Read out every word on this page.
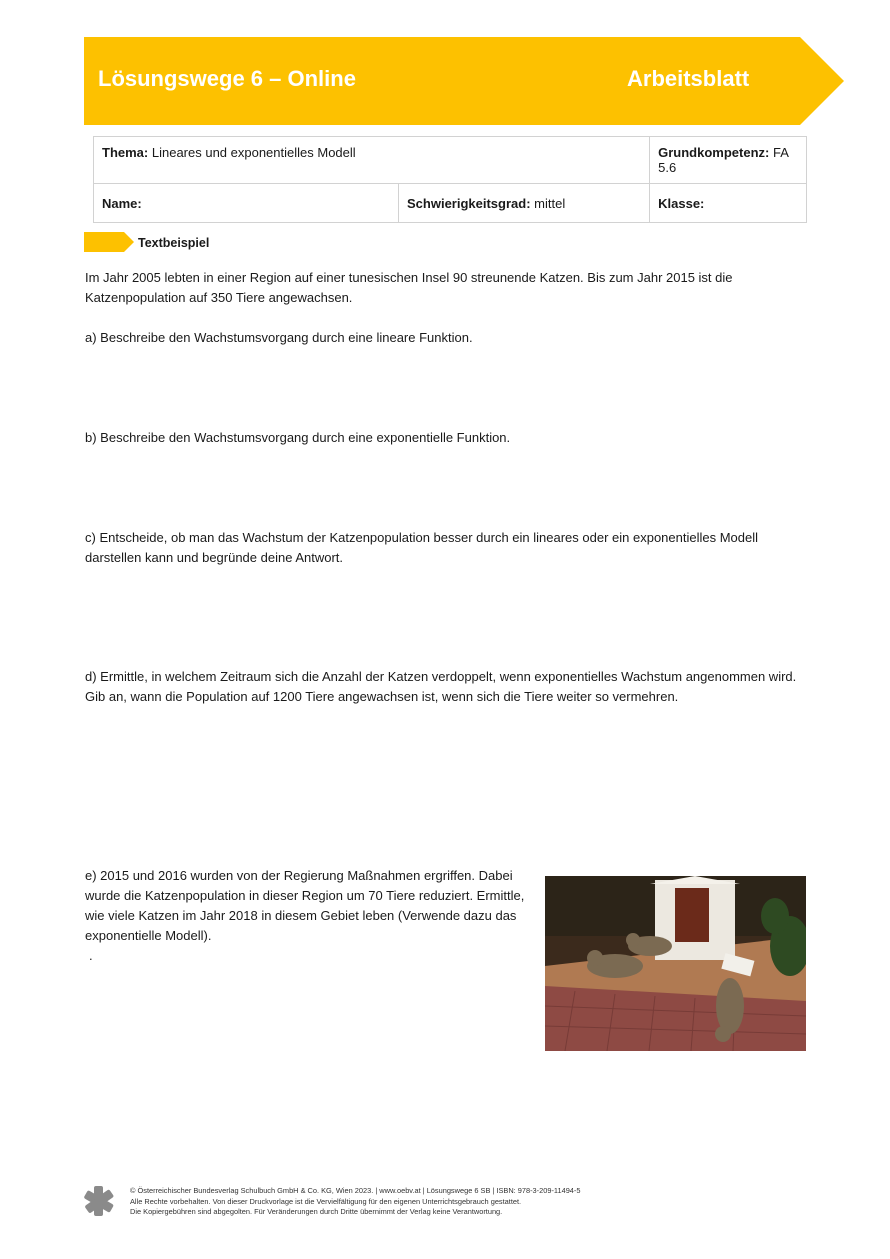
Lösungswege 6 – Online	Arbeitsblatt
Thema: Lineares und exponentielles Modell		Grundkompetenz: FA 5.6
Name:	Schwierigkeitsgrad: mittel	Klasse:
Textbeispiel
Im Jahr 2005 lebten in einer Region auf einer tunesischen Insel 90 streunende Katzen. Bis zum Jahr 2015 ist die
Katzenpopulation auf 350 Tiere angewachsen.
a) Beschreibe den Wachstumsvorgang durch eine lineare Funktion.
b) Beschreibe den Wachstumsvorgang durch eine exponentielle Funktion.
c) Entscheide, ob man das Wachstum der Katzenpopulation besser durch ein lineares oder ein exponentielles Modell
darstellen kann und begründe deine Antwort.
d) Ermittle, in welchem Zeitraum sich die Anzahl der Katzen verdoppelt, wenn exponentielles Wachstum angenommen wird.
Gib an, wann die Population auf 1200 Tiere angewachsen ist, wenn sich die Tiere weiter so vermehren.
e) 2015 und 2016 wurden von der Regierung Maßnahmen ergriffen. Dabei
wurde die Katzenpopulation in dieser Region um 70 Tiere reduziert. Ermittle,
wie viele Katzen im Jahr 2018 in diesem Gebiet leben (Verwende dazu das
exponentielle Modell).
.
© Österreichischer Bundesverlag Schulbuch GmbH & Co. KG, Wien 2023. | www.oebv.at | Lösungswege 6 SB | ISBN: 978-3-209-11494-5
Alle Rechte vorbehalten. Von dieser Druckvorlage ist die Vervielfältigung für den eigenen Unterrichtsgebrauch gestattet.
Die Kopiergebühren sind abgegolten. Für Veränderungen durch Dritte übernimmt der Verlag keine Verantwortung.
